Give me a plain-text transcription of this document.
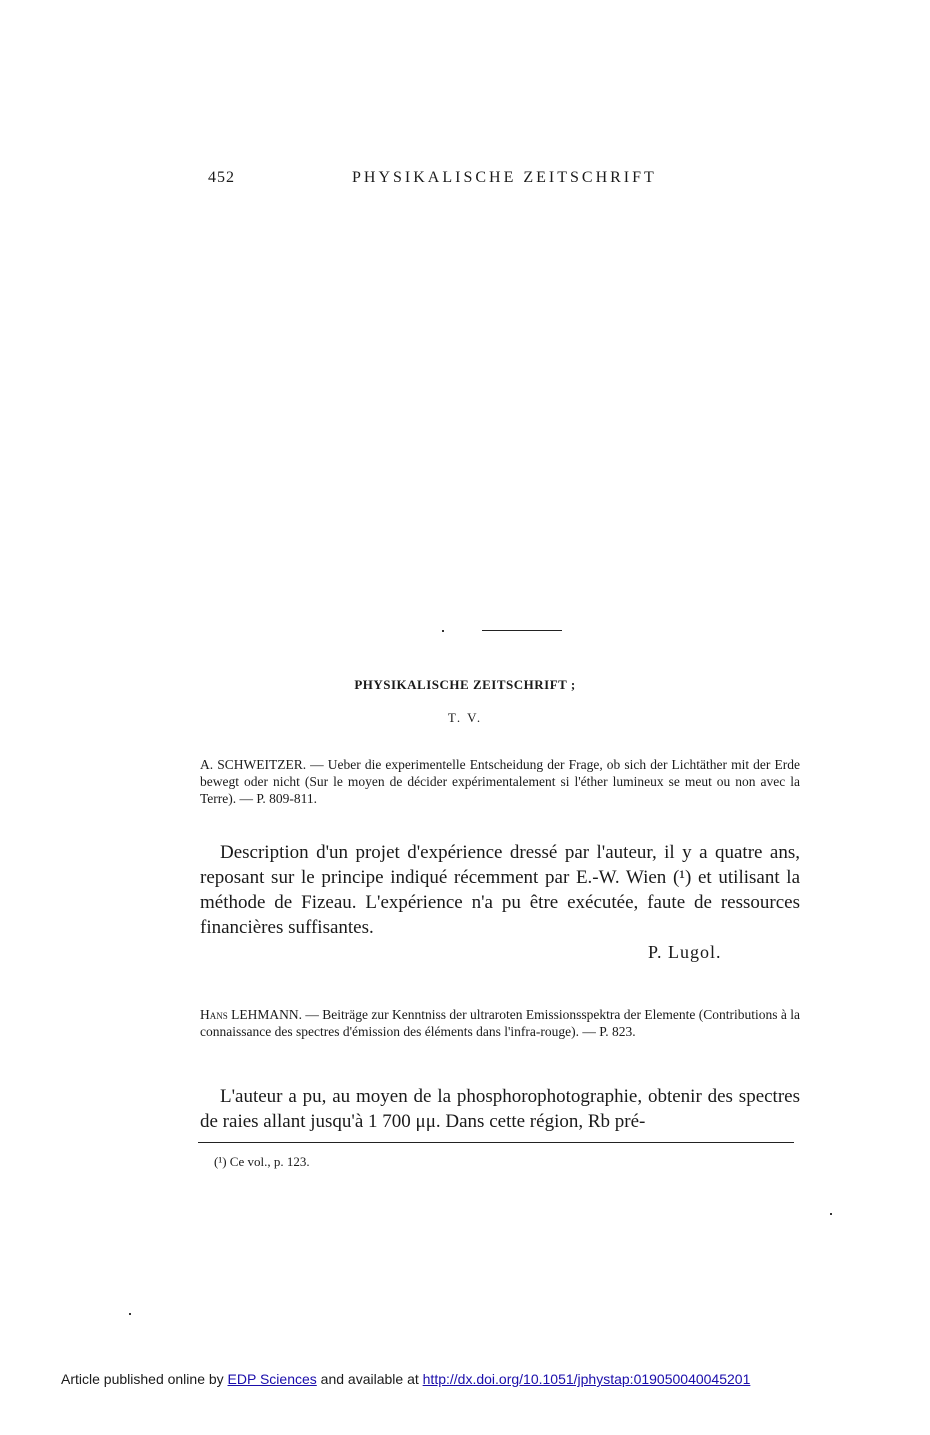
452	PHYSIKALISCHE ZEITSCHRIFT
PHYSIKALISCHE ZEITSCHRIFT ;
T. V.
A. SCHWEITZER. — Ueber die experimentelle Entscheidung der Frage, ob sich der Lichtäther mit der Erde bewegt oder nicht (Sur le moyen de décider expérimentalement si l'éther lumineux se meut ou non avec la Terre). — P. 809-811.
Description d'un projet d'expérience dressé par l'auteur, il y a quatre ans, reposant sur le principe indiqué récemment par E.-W. Wien (¹) et utilisant la méthode de Fizeau. L'expérience n'a pu être exécutée, faute de ressources financières suffisantes.
P. Lugol.
Hans LEHMANN. — Beiträge zur Kenntniss der ultraroten Emissionsspektra der Elemente (Contributions à la connaissance des spectres d'émission des éléments dans l'infra-rouge). — P. 823.
L'auteur a pu, au moyen de la phosphorophotographie, obtenir des spectres de raies allant jusqu'à 1 700 μμ. Dans cette région, Rb pré-
(¹) Ce vol., p. 123.
Article published online by EDP Sciences and available at http://dx.doi.org/10.1051/jphystap:019050040045201
